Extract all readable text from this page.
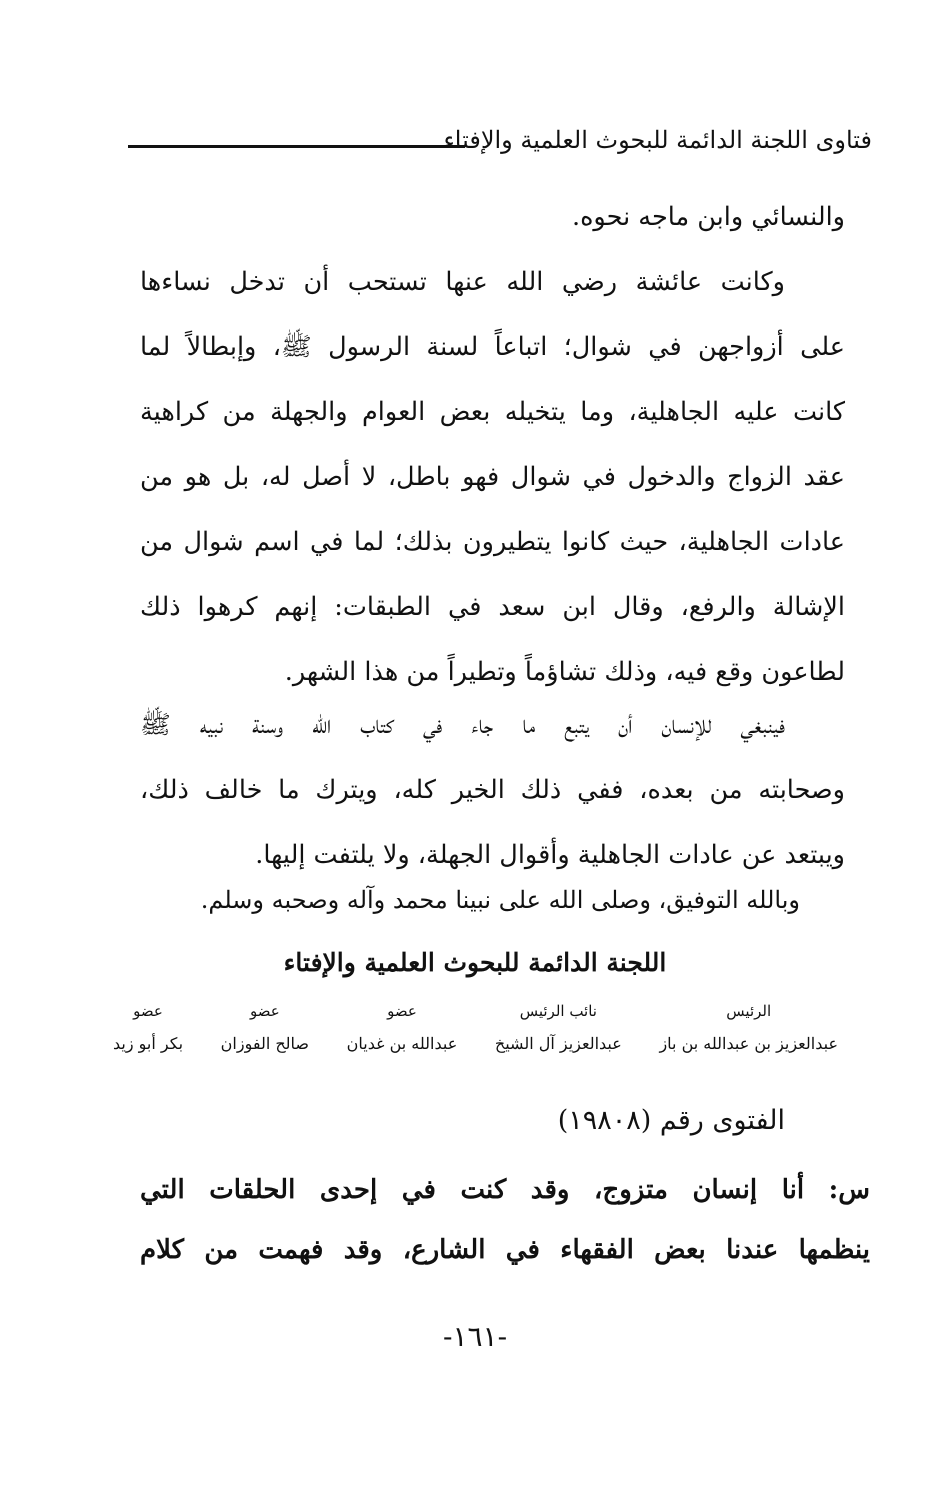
فتاوى اللجنة الدائمة للبحوث العلمية والإفتاء
والنسائي وابن ماجه نحوه.
وكانت عائشة رضي الله عنها تستحب أن تدخل نساءها
على أزواجهن في شوال؛ اتباعاً لسنة الرسول ﷺ، وإبطالاً لما
كانت عليه الجاهلية، وما يتخيله بعض العوام والجهلة من كراهية
عقد الزواج والدخول في شوال فهو باطل، لا أصل له، بل هو من
عادات الجاهلية، حيث كانوا يتطيرون بذلك؛ لما في اسم شوال من
الإشالة والرفع، وقال ابن سعد في الطبقات: إنهم كرهوا ذلك
لطاعون وقع فيه، وذلك تشاؤماً وتطيراً من هذا الشهر.
فينبغي للإنسان أن يتبع ما جاء في كتاب الله وسنة نبيه ﷺ
وصحابته من بعده، ففي ذلك الخير كله، ويترك ما خالف ذلك،
ويبتعد عن عادات الجاهلية وأقوال الجهلة، ولا يلتفت إليها.
وبالله التوفيق، وصلى الله على نبينا محمد وآله وصحبه وسلم.
اللجنة الدائمة للبحوث العلمية والإفتاء
الرئيس
عبدالعزيز بن عبدالله بن باز
نائب الرئيس
عبدالعزيز آل الشيخ
عضو
عبدالله بن غديان
عضو
صالح الفوزان
عضو
بكر أبو زيد
الفتوى رقم (١٩٨٠٨)
س: أنا إنسان متزوج، وقد كنت في إحدى الحلقات التي
ينظمها عندنا بعض الفقهاء في الشارع، وقد فهمت من كلام
-١٦١-
